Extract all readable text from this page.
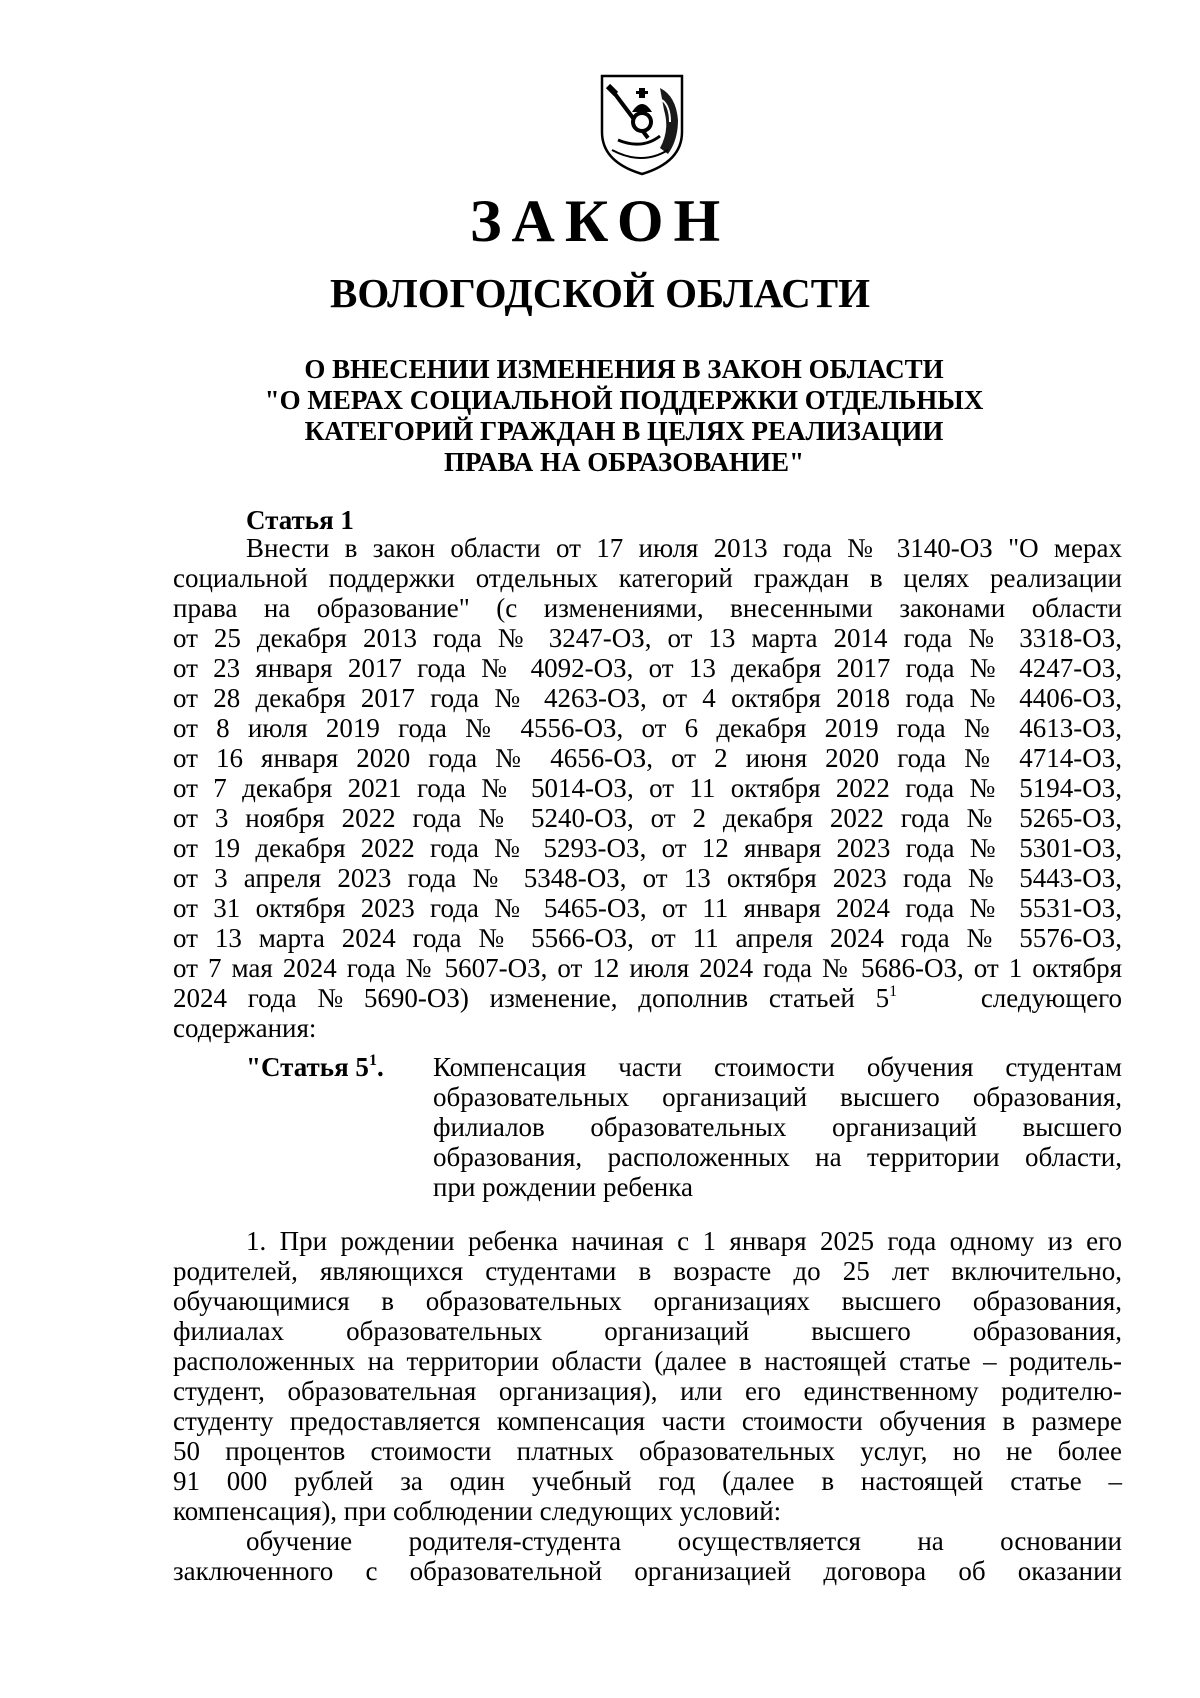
ЗАКОН
ВОЛОГОДСКОЙ ОБЛАСТИ
О ВНЕСЕНИИ ИЗМЕНЕНИЯ В ЗАКОН ОБЛАСТИ
"О МЕРАХ СОЦИАЛЬНОЙ ПОДДЕРЖКИ ОТДЕЛЬНЫХ
КАТЕГОРИЙ ГРАЖДАН В ЦЕЛЯХ РЕАЛИЗАЦИИ
ПРАВА НА ОБРАЗОВАНИЕ"
Статья 1
Внести в закон области от 17 июля 2013 года № 3140-ОЗ "О мерах
социальной поддержки отдельных категорий граждан в целях реализации
права на образование" (с изменениями, внесенными законами области
от 25 декабря 2013 года № 3247-ОЗ, от 13 марта 2014 года № 3318-ОЗ,
от 23 января 2017 года № 4092-ОЗ, от 13 декабря 2017 года № 4247-ОЗ,
от 28 декабря 2017 года № 4263-ОЗ, от 4 октября 2018 года № 4406-ОЗ,
от 8 июля 2019 года № 4556-ОЗ, от 6 декабря 2019 года № 4613-ОЗ,
от 16 января 2020 года № 4656-ОЗ, от 2 июня 2020 года № 4714-ОЗ,
от 7 декабря 2021 года № 5014-ОЗ, от 11 октября 2022 года № 5194-ОЗ,
от 3 ноября 2022 года № 5240-ОЗ, от 2 декабря 2022 года № 5265-ОЗ,
от 19 декабря 2022 года № 5293-ОЗ, от 12 января 2023 года № 5301-ОЗ,
от 3 апреля 2023 года № 5348-ОЗ, от 13 октября 2023 года № 5443-ОЗ,
от 31 октября 2023 года № 5465-ОЗ, от 11 января 2024 года № 5531-ОЗ,
от 13 марта 2024 года № 5566-ОЗ, от 11 апреля 2024 года № 5576-ОЗ,
от 7 мая 2024 года № 5607-ОЗ, от 12 июля 2024 года № 5686-ОЗ, от 1 октября
2024 года № 5690-ОЗ) изменение, дополнив статьей $5^1$	следующего
содержания:
"Статья $5^1$. Компенсация части стоимости обучения студентам
образовательных организаций высшего образования,
филиалов образовательных организаций высшего
образования, расположенных на территории области,
при рождении ребенка
1. При рождении ребенка начиная с 1 января 2025 года одному из его
родителей, являющихся студентами в возрасте до 25 лет включительно,
обучающимися в образовательных организациях высшего образования,
филиалах образовательных организаций высшего образования,
расположенных на территории области (далее в настоящей статье – родитель-
студент, образовательная организация), или его единственному родителю-
студенту предоставляется компенсация части стоимости обучения в размере
50 процентов стоимости платных образовательных услуг, но не более
91 000 рублей за один учебный год (далее в настоящей статье –
компенсация), при соблюдении следующих условий:
обучение родителя-студента осуществляется на основании
заключенного с образовательной организацией договора об оказании
